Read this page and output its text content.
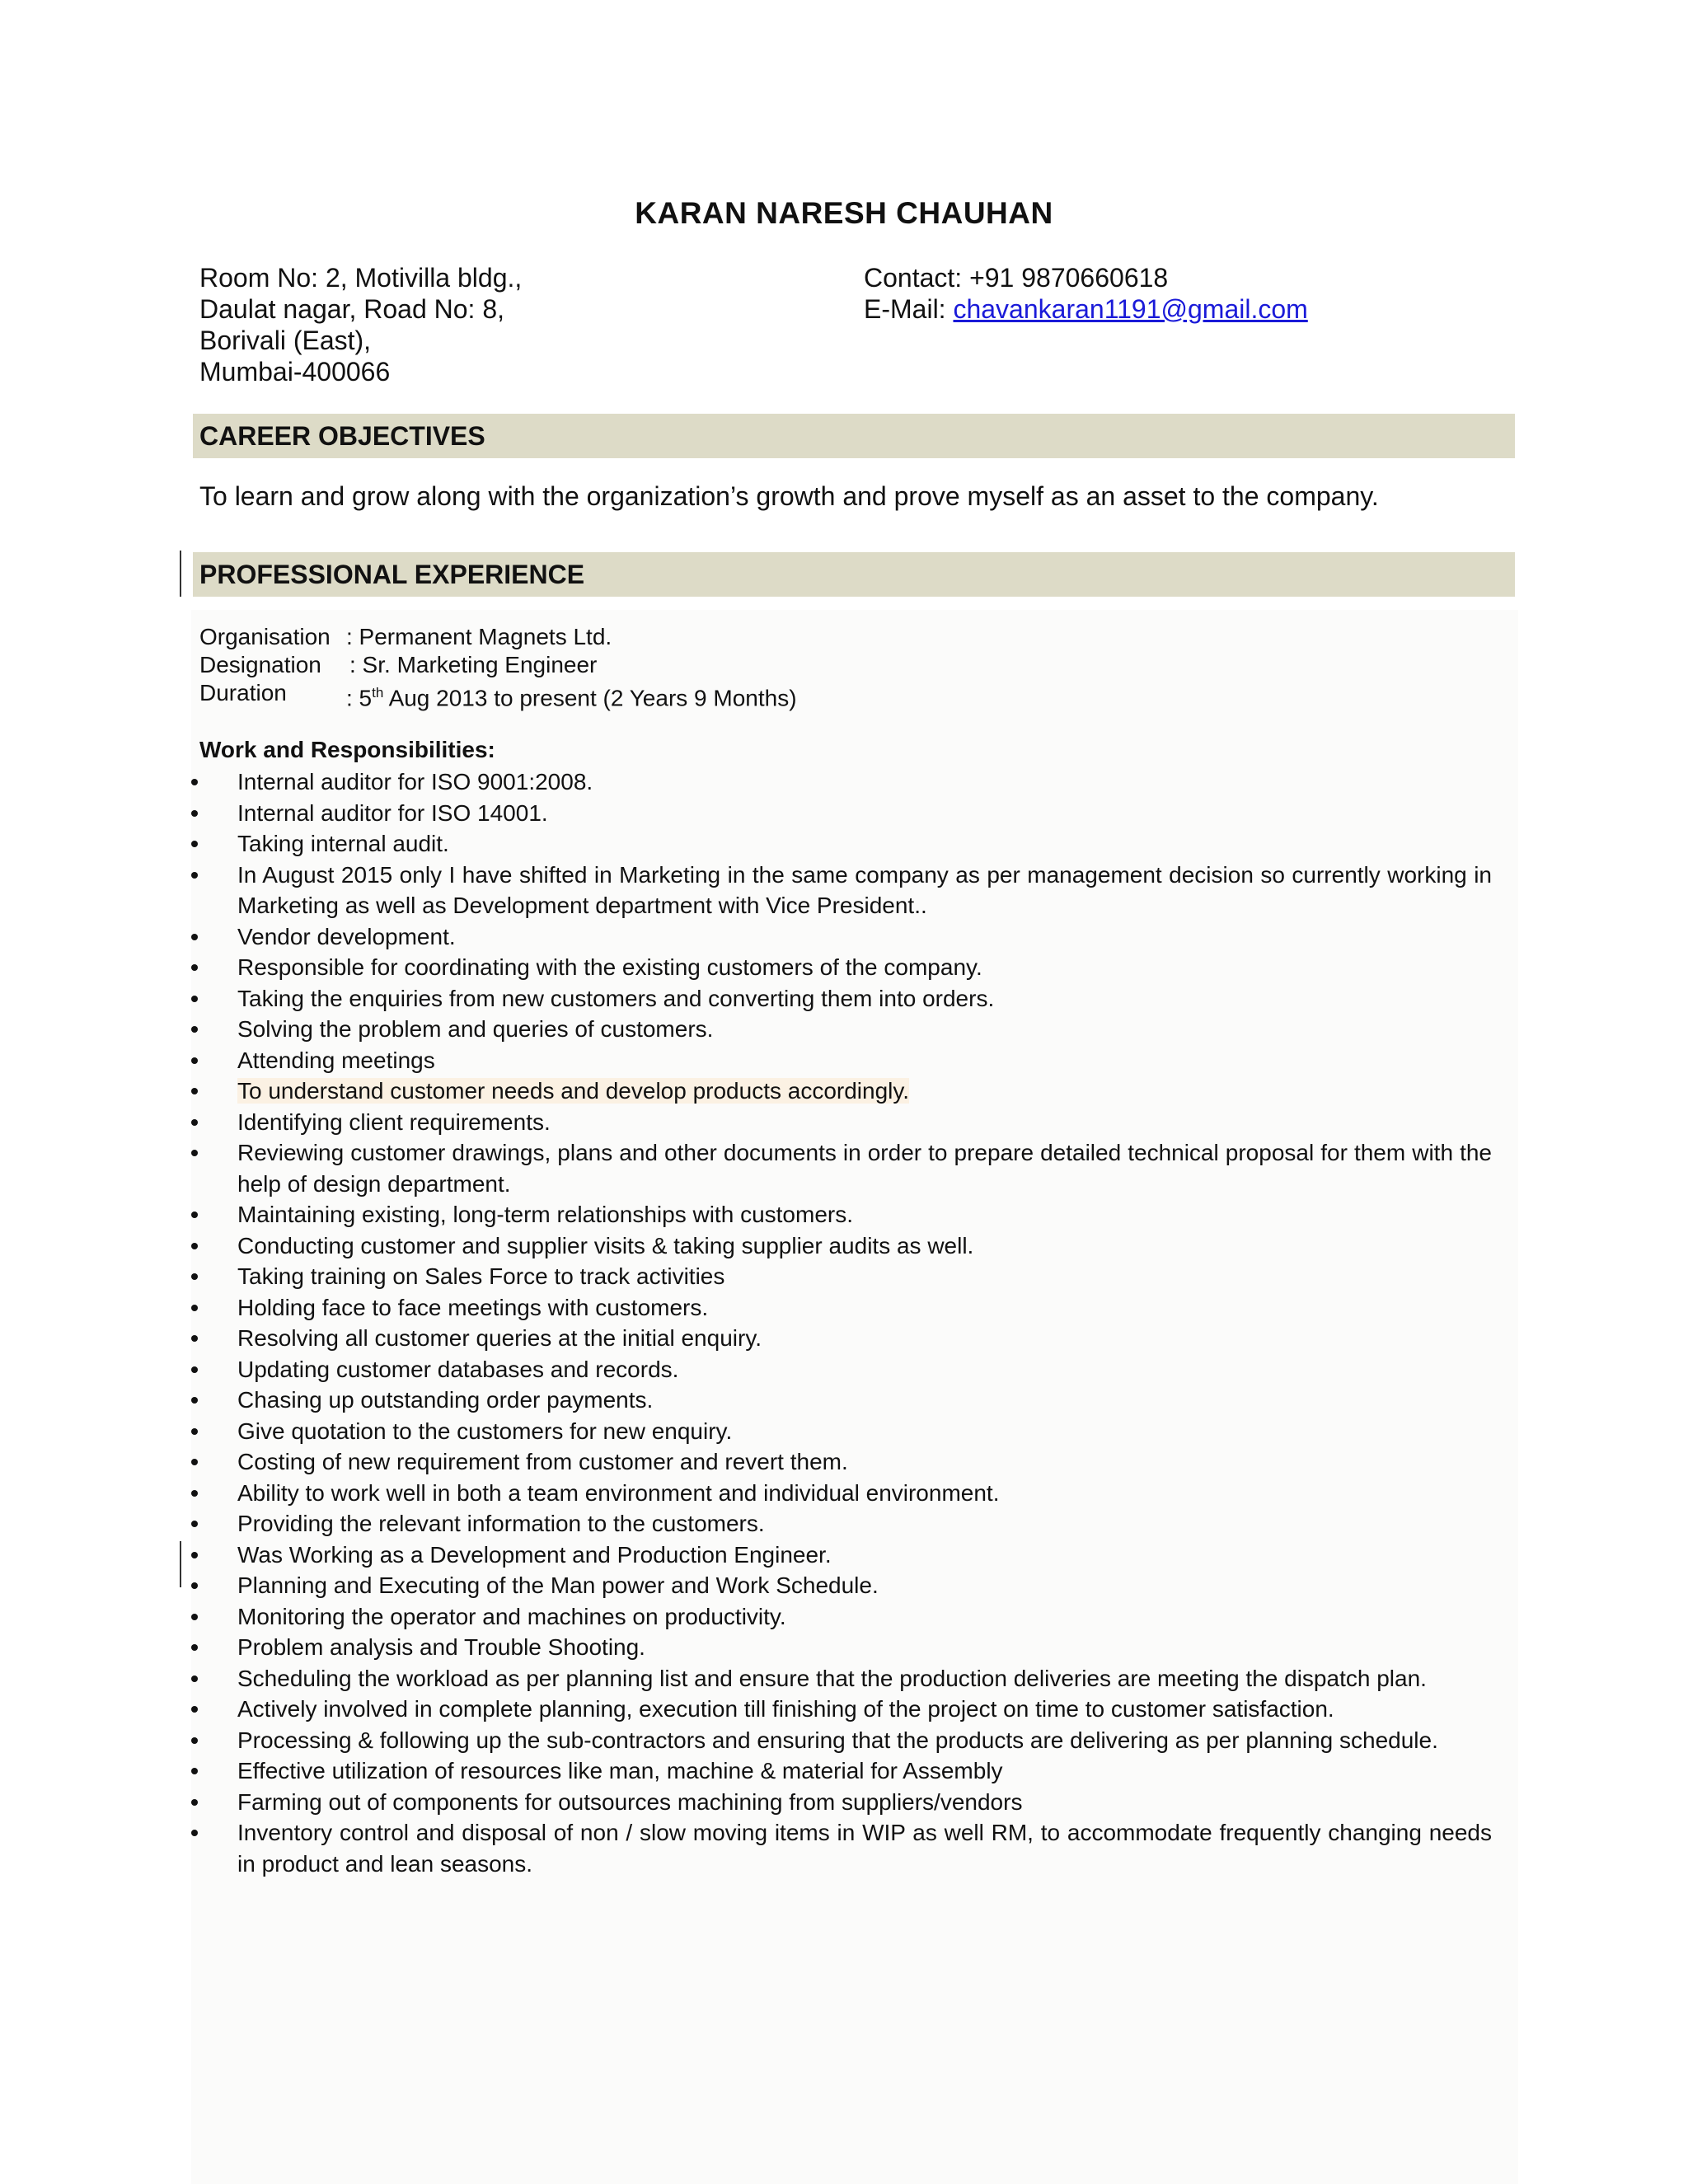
KARAN NARESH CHAUHAN
Room No: 2, Motivilla bldg.,
Daulat nagar, Road No: 8,
Borivali (East),
Mumbai-400066
Contact: +91 9870660618
E-Mail: chavankaran1191@gmail.com
CAREER OBJECTIVES
To learn and grow along with the organization’s growth and prove myself as an asset to the company.
PROFESSIONAL EXPERIENCE
Organisation : Permanent Magnets Ltd.
Designation	: Sr. Marketing Engineer
Duration	: 5th Aug 2013 to present (2 Years 9 Months)
Work and Responsibilities:
Internal auditor for ISO 9001:2008.
Internal auditor for ISO 14001.
Taking internal audit.
In August 2015 only I have shifted in Marketing in the same company as per management decision so currently working in Marketing as well as Development department with Vice President..
Vendor development.
Responsible for coordinating with the existing customers of the company.
Taking the enquiries from new customers and converting them into orders.
Solving the problem and queries of customers.
Attending meetings
To understand customer needs and develop products accordingly.
Identifying client requirements.
Reviewing customer drawings, plans and other documents in order to prepare detailed technical proposal for them with the help of design department.
Maintaining existing, long-term relationships with customers.
Conducting customer and supplier visits & taking supplier audits as well.
Taking training on Sales Force to track activities
Holding face to face meetings with customers.
Resolving all customer queries at the initial enquiry.
Updating customer databases and records.
Chasing up outstanding order payments.
Give quotation to the customers for new enquiry.
Costing of new requirement from customer and revert them.
Ability to work well in both a team environment and individual environment.
Providing the relevant information to the customers.
Was Working as a Development and Production Engineer.
Planning and Executing of the Man power and Work Schedule.
Monitoring the operator and machines on productivity.
Problem analysis and Trouble Shooting.
Scheduling the workload as per planning list and ensure that the production deliveries are meeting the dispatch plan.
Actively involved in complete planning, execution till finishing of the project on time to customer satisfaction.
Processing & following up the sub-contractors and ensuring that the products are delivering as per planning schedule.
Effective utilization of resources like man, machine & material for Assembly
Farming out of components for outsources machining from suppliers/vendors
Inventory control and disposal of non / slow moving items in WIP as well RM, to accommodate frequently changing needs in product and lean seasons.
